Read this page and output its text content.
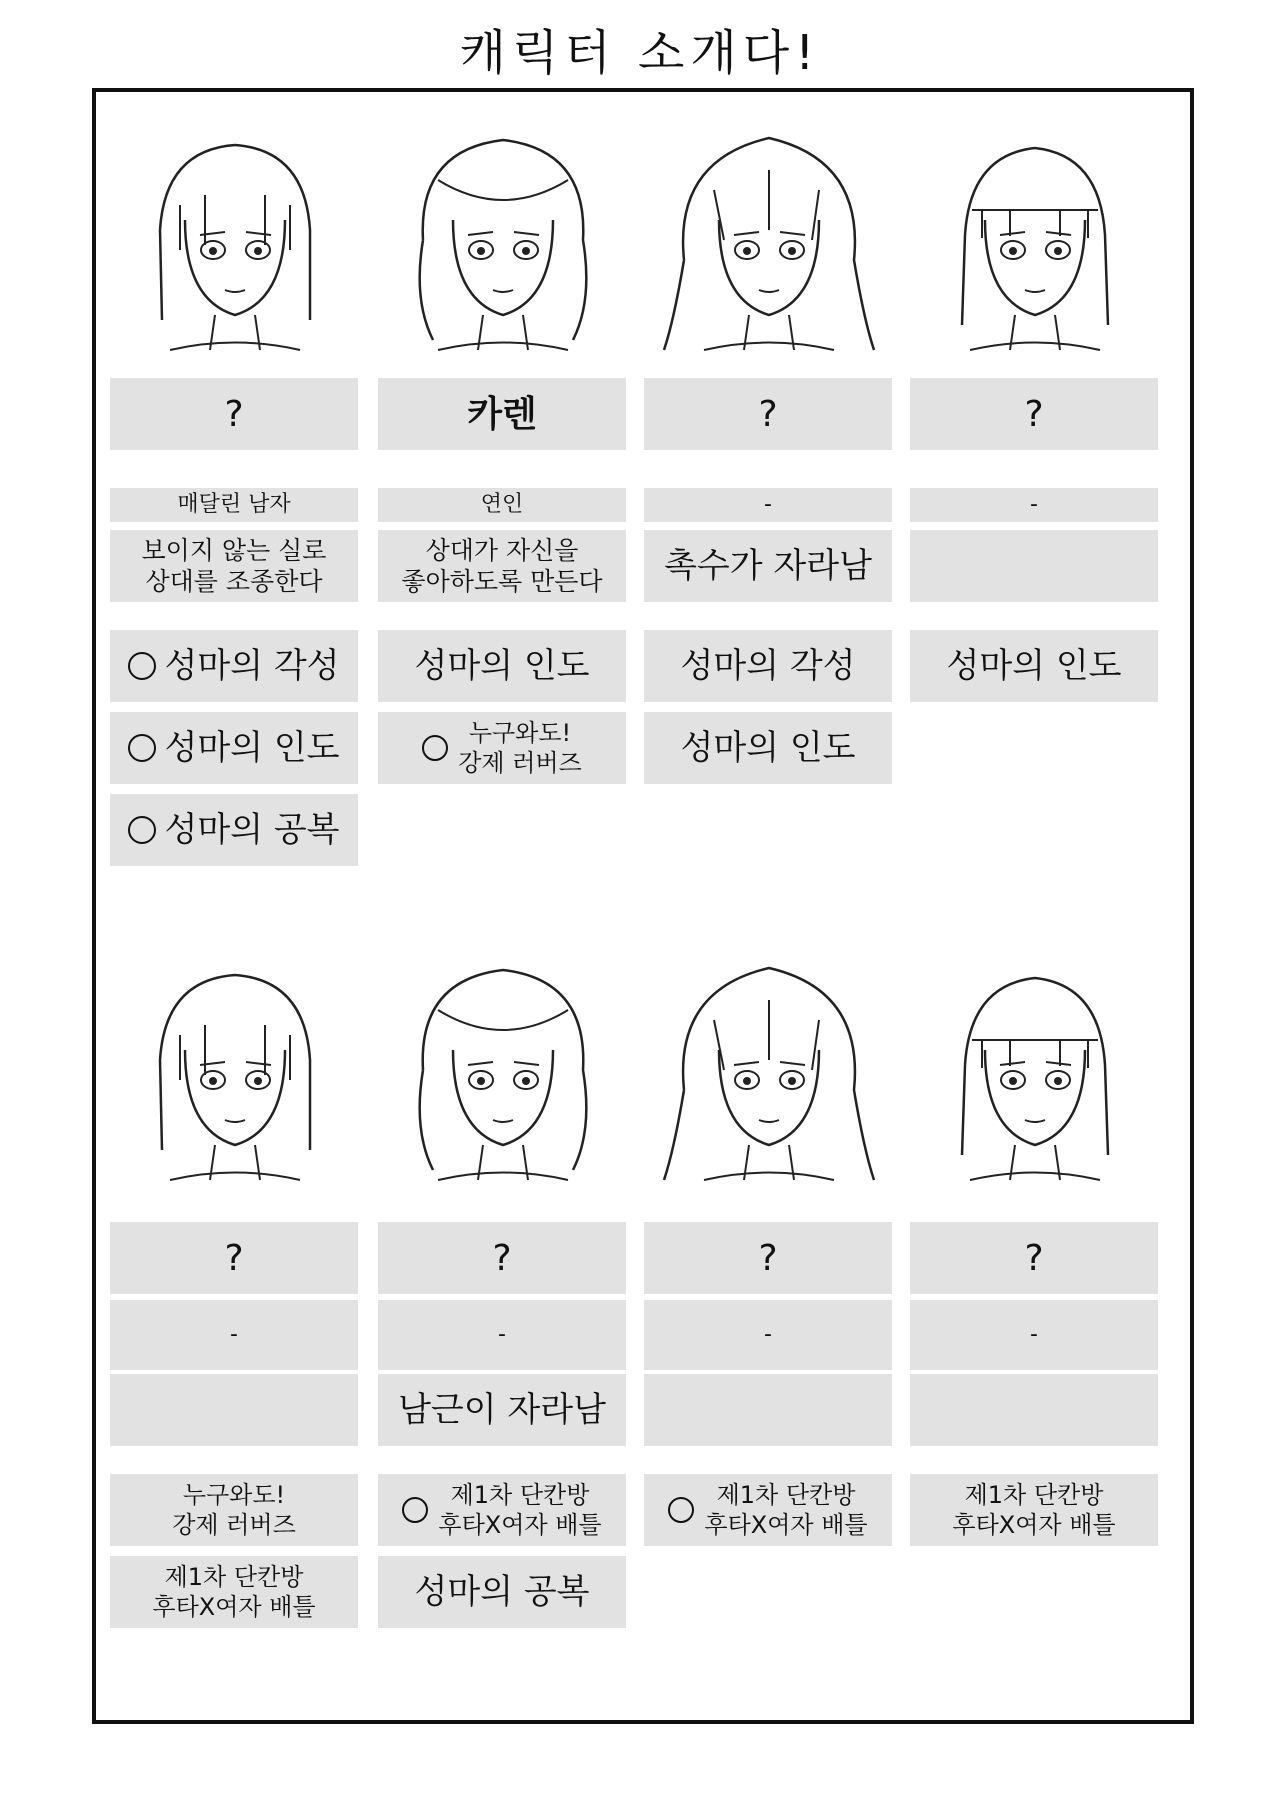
캐릭터 소개다!
?
매달린 남자
보이지 않는 실로
상대를 조종한다
성마의 각성
성마의 인도
성마의 공복
카렌
연인
상대가 자신을
좋아하도록 만든다
성마의 인도
누구와도!
강제 러버즈
?
-
촉수가 자라남
성마의 각성
성마의 인도
?
-
성마의 인도
?
-
누구와도!
강제 러버즈
제1차 단칸방
후타X여자 배틀
?
-
남근이 자라남
제1차 단칸방
후타X여자 배틀
성마의 공복
?
-
제1차 단칸방
후타X여자 배틀
?
-
제1차 단칸방
후타X여자 배틀
